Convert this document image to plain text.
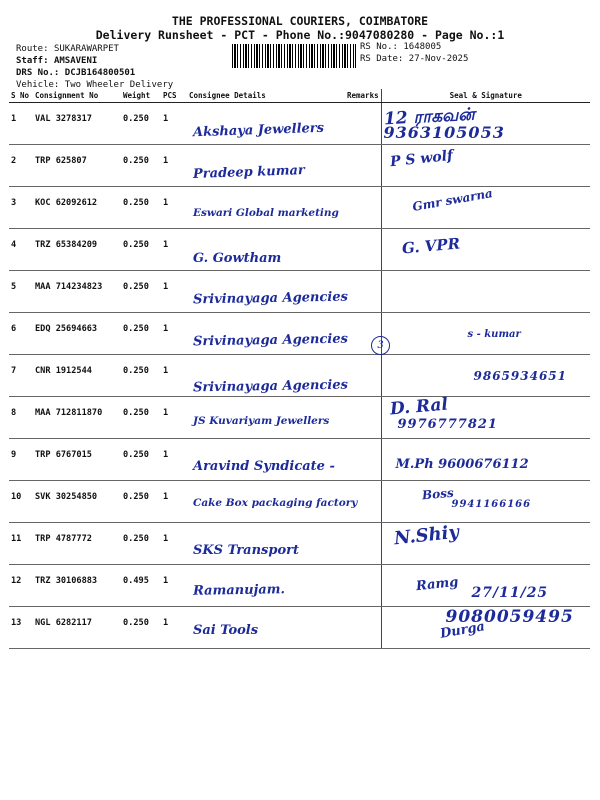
THE PROFESSIONAL COURIERS, COIMBATORE
Delivery Runsheet - PCT - Phone No.:9047080280 - Page No.:1
Route: SUKARAWARPET
Staff: AMSAVENI
DRS No.: DCJB164800501
Vehicle: Two Wheeler Delivery
RS No.: 1648005
RS Date: 27-Nov-2025
S No	Consignment No	Weight	PCS	Consignee Details	Remarks	Seal & Signature
1	VAL 3278317	0.250	1	Akshaya Jewellers		12 ராகவன்
9363105053

2	TRP 625807	0.250	1	Pradeep kumar		P S wolf

3	KOC 62092612	0.250	1	Eswari Global marketing		Gmr swarna

4	TRZ 65384209	0.250	1	G. Gowtham		G. VPR

5	MAA 714234823	0.250	1	Srivinayaga Agencies		

6	EDQ 25694663	0.250	1	Srivinayaga Agencies		s - kumar

7	CNR 1912544	0.250	1	Srivinayaga Agencies		9865934651

8	MAA 712811870	0.250	1	JS Kuvariyam Jewellers		D. Ral
9976777821

9	TRP 6767015	0.250	1	Aravind Syndicate -		M.Ph 9600676112

10	SVK 30254850	0.250	1	Cake Box packaging factory		Boss
9941166166

11	TRP 4787772	0.250	1	SKS Transport		N.Shiy

12	TRZ 30106883	0.495	1	Ramanujam.		Ramg 27/11/25

13	NGL 6282117	0.250	1	Sai Tools		Durga
9080059495
3
